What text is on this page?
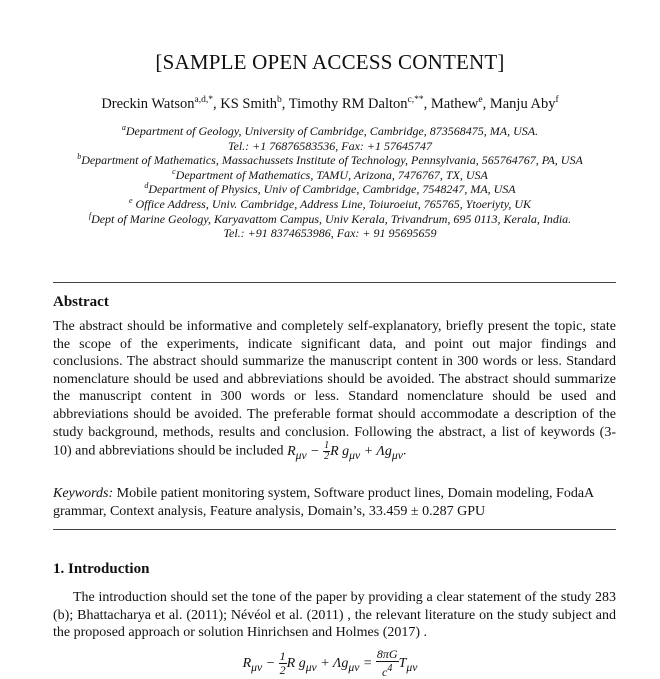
[SAMPLE OPEN ACCESS CONTENT]
Dreckin Watson$^{a,d,*}$, KS Smith$^b$, Timothy RM Dalton$^{c,**}$, Mathew$^e$, Manju Aby$^f$
$^a$Department of Geology, University of Cambridge, Cambridge, 873568475, MA, USA.
Tel.: +1 76876583536, Fax: +1 57645747
$^b$Department of Mathematics, Massachussets Institute of Technology, Pennsylvania, 565764767, PA, USA
$^c$Department of Mathematics, TAMU, Arizona, 7476767, TX, USA
$^d$Department of Physics, Univ of Cambridge, Cambridge, 7548247, MA, USA
$^e$ Office Address, Univ. Cambridge, Address Line, Toiuroeiut, 765765, Ytoeriyty, UK
$^f$Dept of Marine Geology, Karyavattom Campus, Univ Kerala, Trivandrum, 695 0113, Kerala, India.
Tel.: +91 8374653986, Fax: + 91 95695659
Abstract
The abstract should be informative and completely self-explanatory, briefly present the topic, state the scope of the experiments, indicate significant data, and point out major findings and conclusions. The abstract should summarize the manuscript content in 300 words or less. Standard nomenclature should be used and abbreviations should be avoided. The abstract should summarize the manuscript content in 300 words or less. Standard nomenclature should be used and abbreviations should be avoided. The preferable format should accommodate a description of the study background, methods, results and conclusion. Following the abstract, a list of keywords (3-10) and abbreviations should be included $R_{\mu\nu} - \frac{1}{2}$ R $g_{\mu\nu} + \Lambda g_{\mu\nu}$.
Keywords: Mobile patient monitoring system, Software product lines, Domain modeling, FodaA grammar, Context analysis, Feature analysis, Domain’s, 33.459 ± 0.287 GPU
1. Introduction
The introduction should set the tone of the paper by providing a clear statement of the study 283 (b); Bhattacharya et al. (2011); Névéol et al. (2011) , the relevant literature on the study subject and the proposed approach or solution Hinrichsen and Holmes (2017) .
$R_{\mu\nu} - \frac{1}{2}$ R $g_{\mu\nu} + \Lambda g_{\mu\nu} = \frac{8\pi G}{c^4} T_{\mu\nu}$
